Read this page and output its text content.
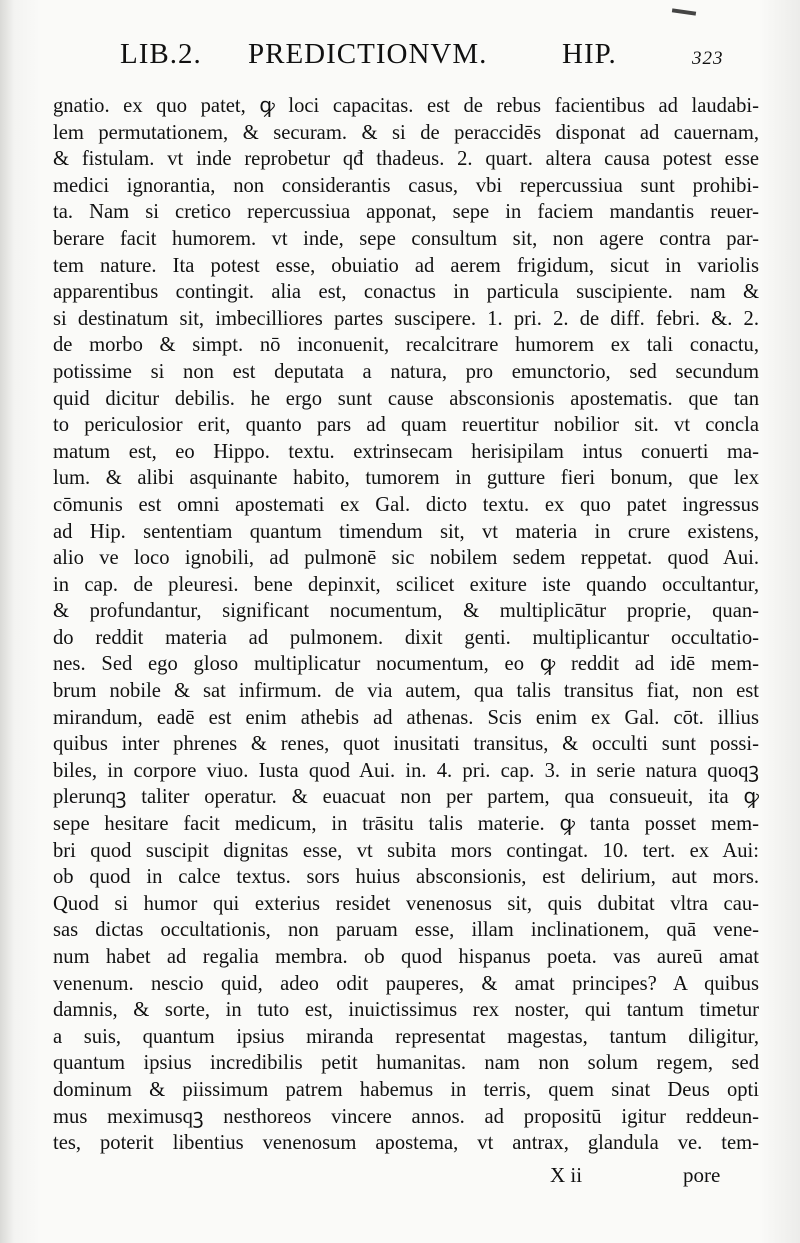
LIB.2. PREDICTIONVM.	HIP.	323
gnatio. ex quo patet, ꝙ loci capacitas. est de rebus facientibus ad laudabi-
lem permutationem, & securam. & si de peraccidēs disponat ad cauernam,
& fistulam. vt inde reprobetur qđ thadeus. 2. quart. altera causa potest esse
medici ignorantia, non considerantis casus, vbi repercussiua sunt prohibi-
ta. Nam si cretico repercussiua apponat, sepe in faciem mandantis reuer-
berare facit humorem. vt inde, sepe consultum sit, non agere contra par-
tem nature. Ita potest esse, obuiatio ad aerem frigidum, sicut in variolis
apparentibus contingit. alia est, conactus in particula suscipiente. nam &
si destinatum sit, imbecilliores partes suscipere. 1. pri. 2. de diff. febri. &. 2.
de morbo & simpt. nō inconuenit, recalcitrare humorem ex tali conactu,
potissime si non est deputata a natura, pro emunctorio, sed secundum
quid dicitur debilis. he ergo sunt cause absconsionis apostematis. que tan
to periculosior erit, quanto pars ad quam reuertitur nobilior sit. vt concla
matum est, eo Hippo. textu. extrinsecam herisipilam intus conuerti ma-
lum. & alibi asquinante habito, tumorem in gutture fieri bonum, que lex
cōmunis est omni apostemati ex Gal. dicto textu. ex quo patet ingressus
ad Hip. sententiam quantum timendum sit, vt materia in crure existens,
alio ve loco ignobili, ad pulmonē sic nobilem sedem reppetat. quod Aui.
in cap. de pleuresi. bene depinxit, scilicet exiture iste quando occultantur,
& profundantur, significant nocumentum, & multiplicātur proprie, quan-
do reddit materia ad pulmonem. dixit genti. multiplicantur occultatio-
nes. Sed ego gloso multiplicatur nocumentum, eo ꝙ reddit ad idē mem-
brum nobile & sat infirmum. de via autem, qua talis transitus fiat, non est
mirandum, eadē est enim athebis ad athenas. Scis enim ex Gal. cōt. illius
quibus inter phrenes & renes, quot inusitati transitus, & occulti sunt possi-
biles, in corpore viuo. Iusta quod Aui. in. 4. pri. cap. 3. in serie natura quoqꝫ
plerunqꝫ taliter operatur. & euacuat non per partem, qua consueuit, ita ꝙ
sepe hesitare facit medicum, in trāsitu talis materie. ꝙ tanta posset mem-
bri quod suscipit dignitas esse, vt subita mors contingat. 10. tert. ex Aui:
ob quod in calce textus. sors huius absconsionis, est delirium, aut mors.
Quod si humor qui exterius residet venenosus sit, quis dubitat vltra cau-
sas dictas occultationis, non paruam esse, illam inclinationem, quā vene-
num habet ad regalia membra. ob quod hispanus poeta. vas aureū amat
venenum. nescio quid, adeo odit pauperes, & amat principes? A quibus
damnis, & sorte, in tuto est, inuictissimus rex noster, qui tantum timetur
a suis, quantum ipsius miranda representat magestas, tantum diligitur,
quantum ipsius incredibilis petit humanitas. nam non solum regem, sed
dominum & piissimum patrem habemus in terris, quem sinat Deus opti
mus meximusqꝫ nesthoreos vincere annos. ad propositū igitur reddeun-
tes, poterit libentius venenosum apostema, vt antrax, glandula ve. tem-
X ii	pore
